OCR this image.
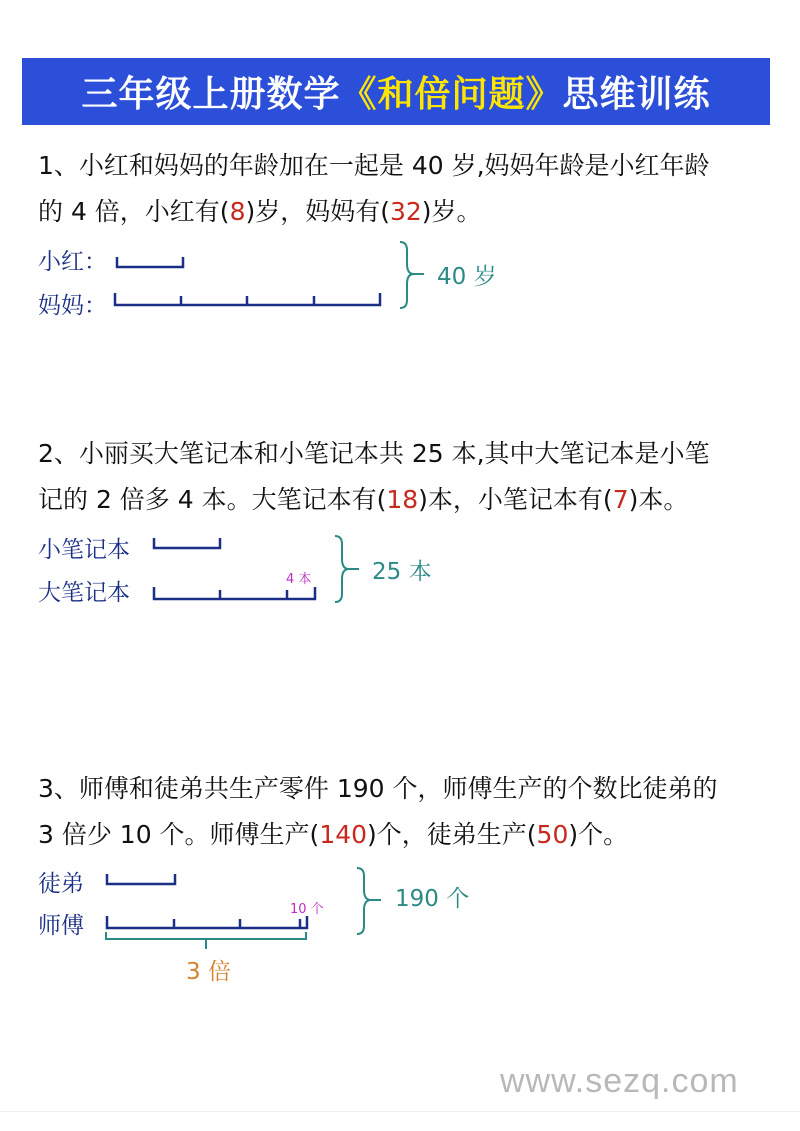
三年级上册数学 《和倍问题》 思维训练
1、小红和妈妈的年龄加在一起是 40 岁,妈妈年龄是小红年龄
的 4 倍，小红有(8)岁，妈妈有(32)岁。
小红：
妈妈：
40 岁
2、小丽买大笔记本和小笔记本共 25 本,其中大笔记本是小笔
记的 2 倍多 4 本。大笔记本有(18)本，小笔记本有(7)本。
小笔记本
大笔记本
4 本	25 本
3、师傅和徒弟共生产零件 190 个，师傅生产的个数比徒弟的
3 倍少 10 个。师傅生产(140)个，徒弟生产(50)个。
徒弟
师傅
10 个
3 倍
190 个
www.sezq.com
